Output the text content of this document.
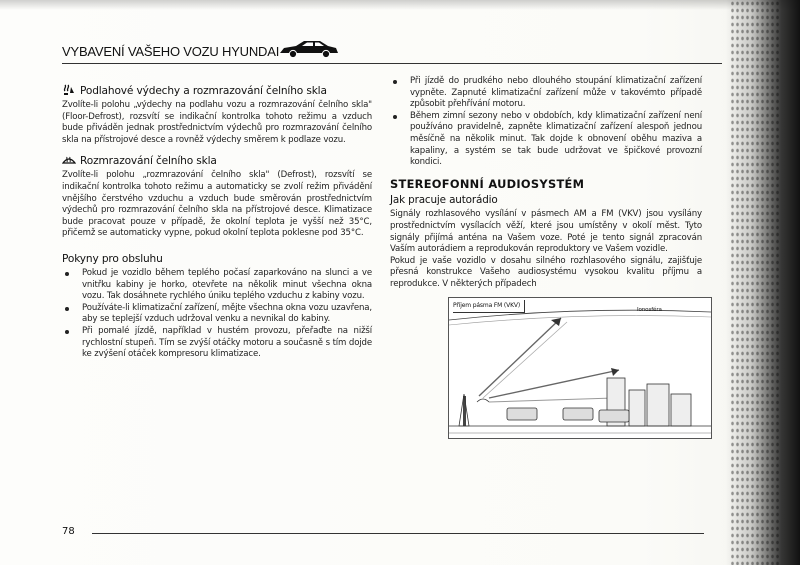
VYBAVENÍ VAŠEHO VOZU HYUNDAI
Podlahové výdechy a rozmrazování čelního skla

Zvolíte-li polohu „výdechy na podlahu vozu a rozmrazování čelního skla" (Floor-Defrost), rozsvítí se indikační kontrolka tohoto režimu a vzduch bude přiváděn jednak prostřednictvím výdechů pro rozmrazování čelního skla na přístrojové desce a rovněž výdechy směrem k podlaze vozu.

Rozmrazování čelního skla

Zvolíte-li polohu „rozmrazování čelního skla" (Defrost), rozsvítí se indikační kontrolka tohoto režimu a automaticky se zvolí režim přivádění vnějšího čerstvého vzduchu a vzduch bude směrován prostřednictvím výdechů pro rozmrazování čelního skla na přístrojové desce. Klimatizace bude pracovat pouze v případě, že okolní teplota je vyšší než 35°C, přičemž se automaticky vypne, pokud okolní teplota poklesne pod 35°C.

Pokyny pro obsluhu
Pokud je vozidlo během teplého počasí zaparkováno na slunci a ve vnitřku kabiny je horko, otevřete na několik minut všechna okna vozu. Tak dosáhnete rychlého úniku teplého vzduchu z kabiny vozu.
Používáte-li klimatizační zařízení, mějte všechna okna vozu uzavřena, aby se teplejší vzduch udržoval venku a nevnikal do kabiny.
Při pomalé jízdě, například v hustém provozu, přeřaďte na nižší rychlostní stupeň. Tím se zvýší otáčky motoru a současně s tím dojde ke zvýšení otáček kompresoru klimatizace.
Při jízdě do prudkého nebo dlouhého stoupání klimatizační zařízení vypněte. Zapnuté klimatizační zařízení může v takovémto případě způsobit přehřívání motoru.
Během zimní sezony nebo v obdobích, kdy klimatizační zařízení není používáno pravidelně, zapněte klimatizační zařízení alespoň jednou měsíčně na několik minut. Tak dojde k obnovení oběhu maziva a kapaliny, a systém se tak bude udržovat ve špičkové provozní kondici.
STEREOFONNÍ AUDIOSYSTÉM
Jak pracuje autorádio

Signály rozhlasového vysílání v pásmech AM a FM (VKV) jsou vysílány prostřednictvím vysílacích věží, které jsou umístěny v okolí měst. Tyto signály přijímá anténa na Vašem voze. Poté je tento signál zpracován Vaším autorádiem a reprodukován reproduktory ve Vašem vozidle.

Pokud je vaše vozidlo v dosahu silného rozhlasového signálu, zajišťuje přesná konstrukce Vašeho audiosystému vysokou kvalitu příjmu a reprodukce. V některých případech

Příjem pásma FM (VKV)
Ionosféra
78
